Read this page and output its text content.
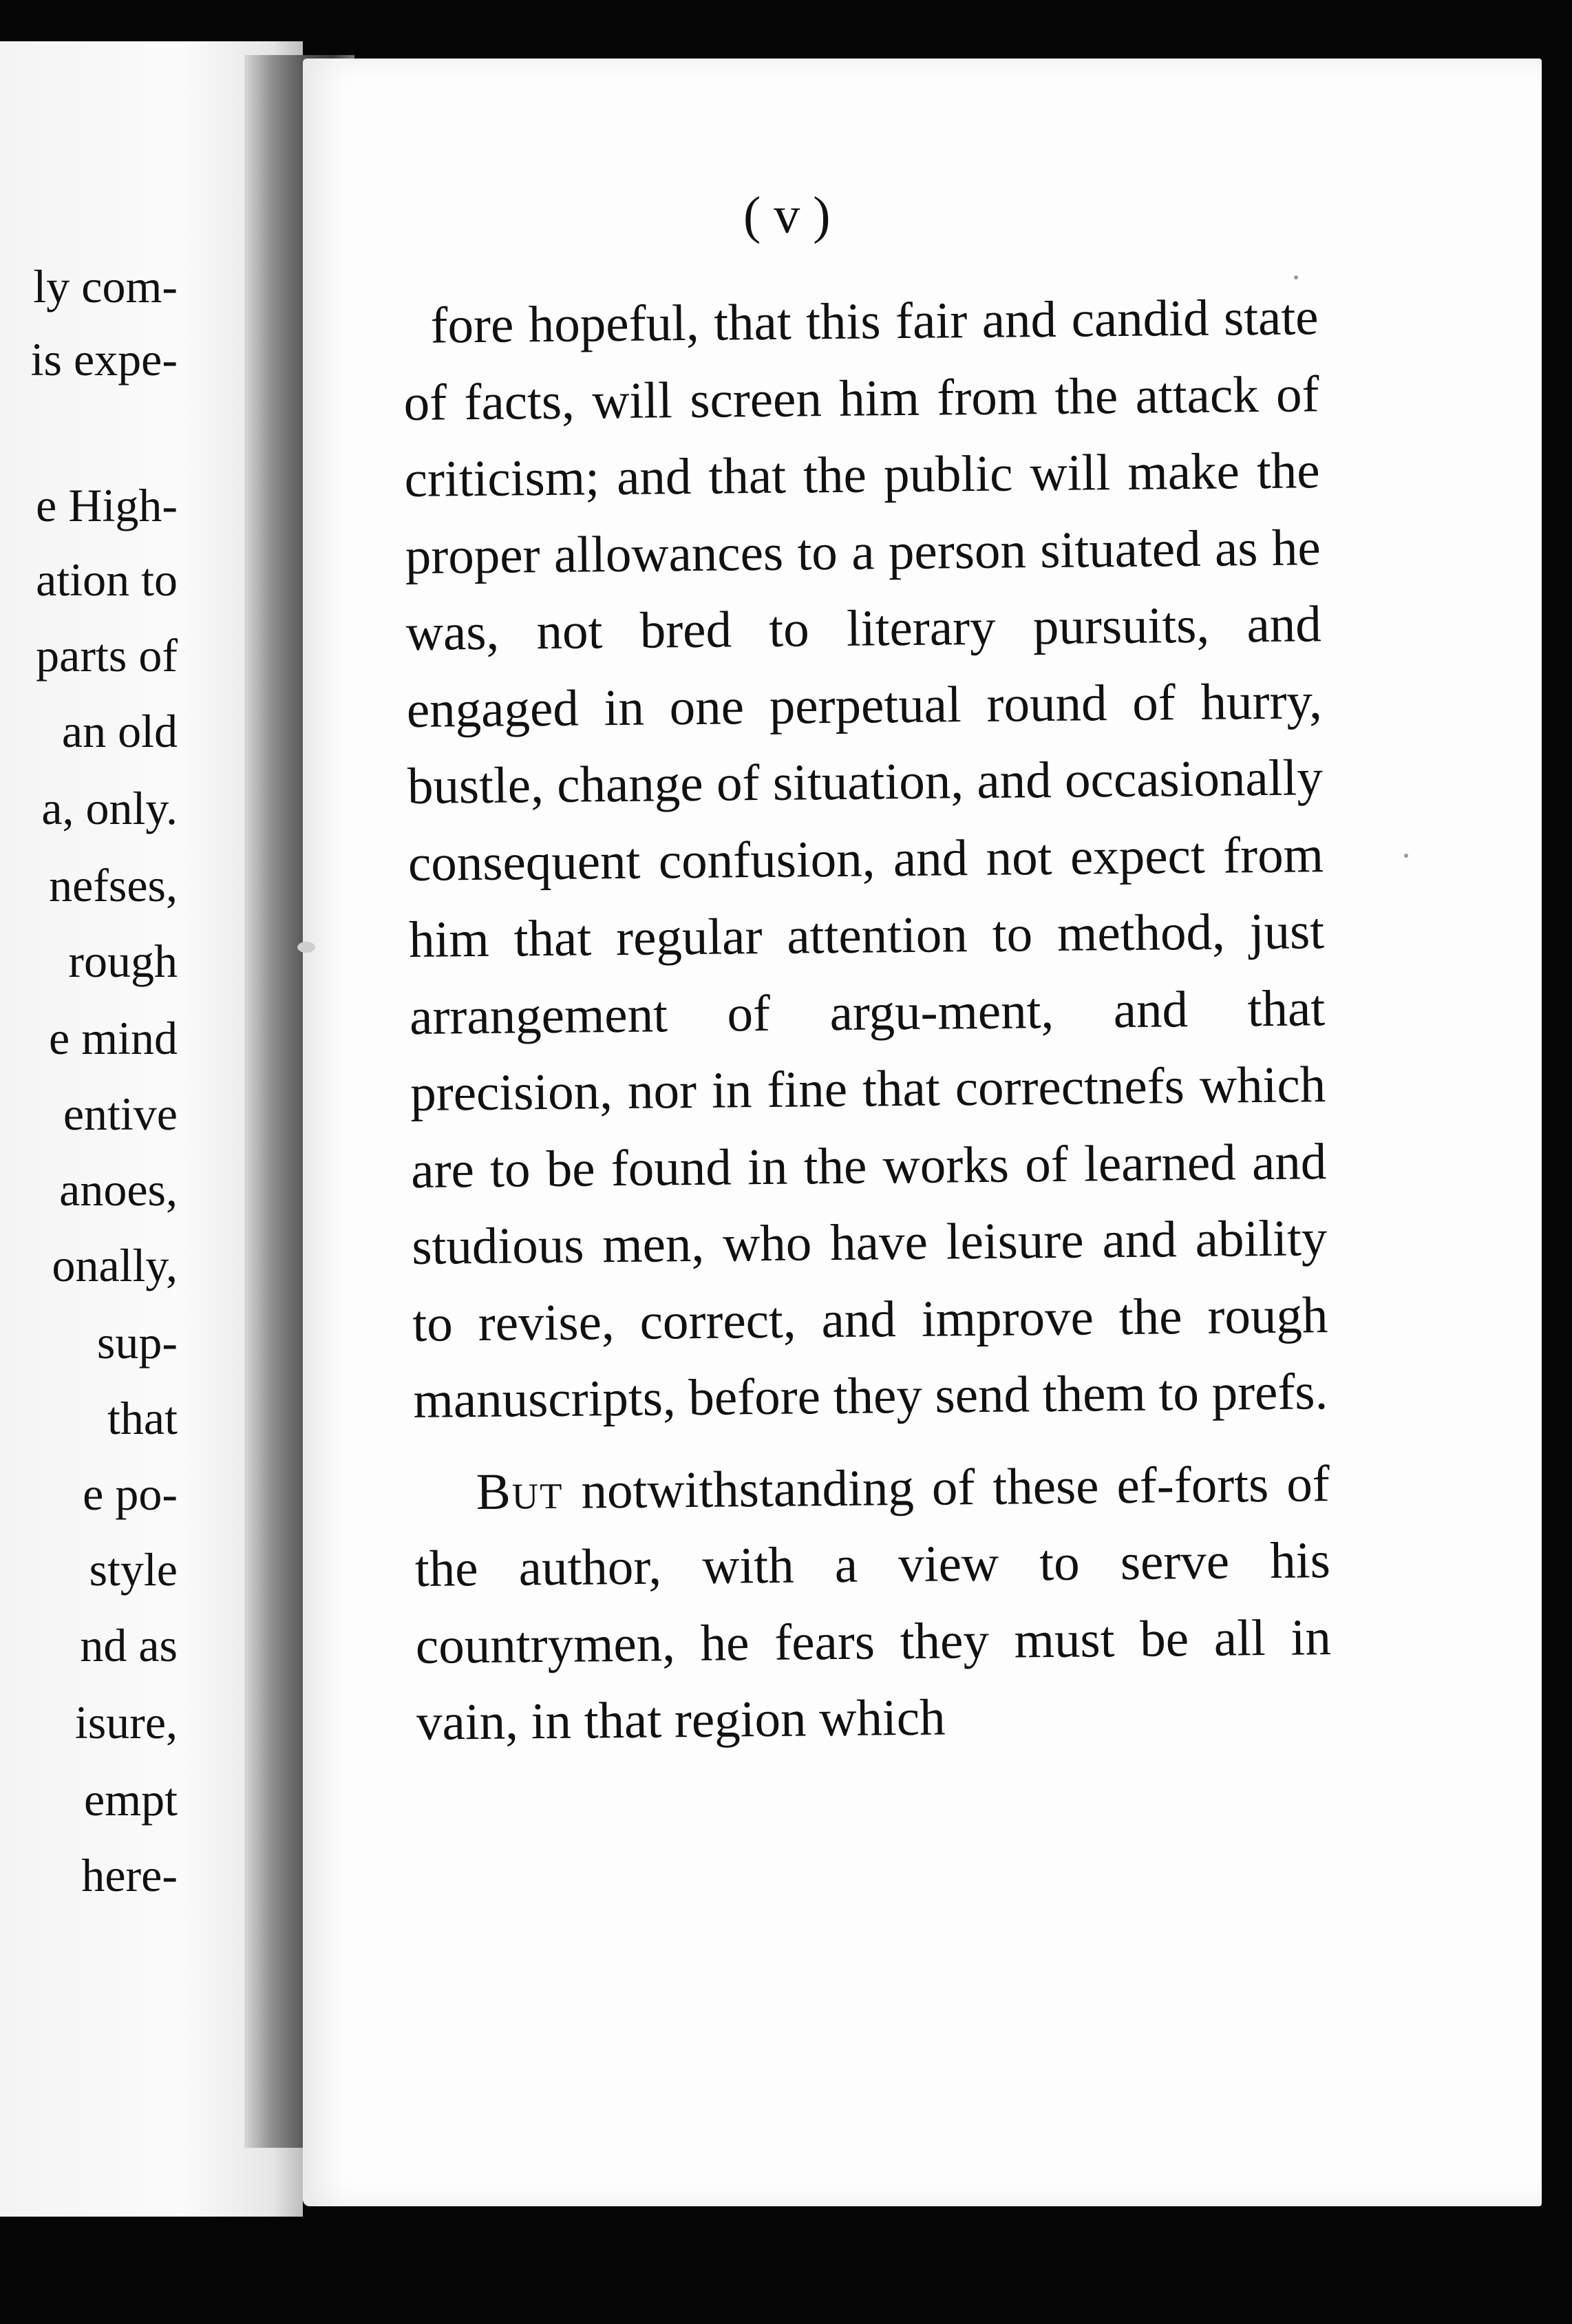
ly com-
is expe-
e High-
ation to
parts of
an old
a, only.
nefses,
rough
e mind
entive
anoes,
onally,
sup-
that
e po-
style
nd as
isure,
empt
here-
( v )

fore hopeful, that this fair and candid state of facts, will screen him from the attack of criticism; and that the public will make the proper allowances to a person situated as he was, not bred to literary pursuits, and engaged in one perpetual round of hurry, bustle, change of situation, and occasionally consequent confusion, and not expect from him that regular attention to method, just arrangement of argu-ment, and that precision, nor in fine that correctnefs which are to be found in the works of learned and studious men, who have leisure and ability to revise, correct, and improve the rough manuscripts, before they send them to prefs.

But notwithstanding of these ef-forts of the author, with a view to serve his countrymen, he fears they must be all in vain, in that region which
